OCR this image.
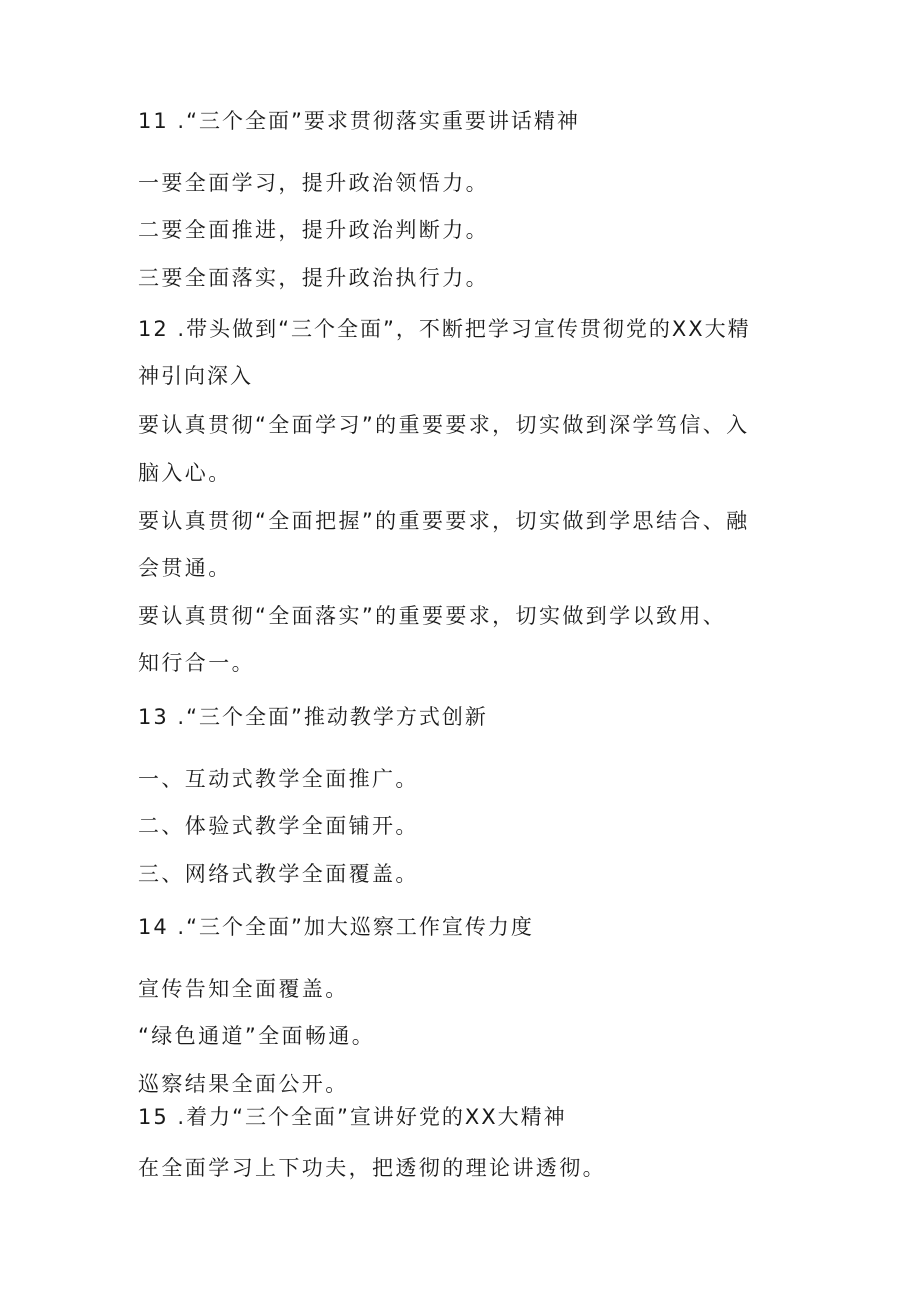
11 .“三个全面”要求贯彻落实重要讲话精神

一要全面学习，提升政治领悟力。

二要全面推进，提升政治判断力。

三要全面落实，提升政治执行力。

12 .带头做到“三个全面”，不断把学习宣传贯彻党的XX大精

神引向深入

要认真贯彻“全面学习”的重要要求，切实做到深学笃信、入

脑入心。

要认真贯彻“全面把握”的重要要求，切实做到学思结合、融

会贯通。

要认真贯彻“全面落实”的重要要求，切实做到学以致用、

知行合一。

13 .“三个全面”推动教学方式创新

一、互动式教学全面推广。

二、体验式教学全面铺开。

三、网络式教学全面覆盖。

14 .“三个全面”加大巡察工作宣传力度

宣传告知全面覆盖。

“绿色通道”全面畅通。

巡察结果全面公开。

15 .着力“三个全面”宣讲好党的XX大精神

在全面学习上下功夫，把透彻的理论讲透彻。
